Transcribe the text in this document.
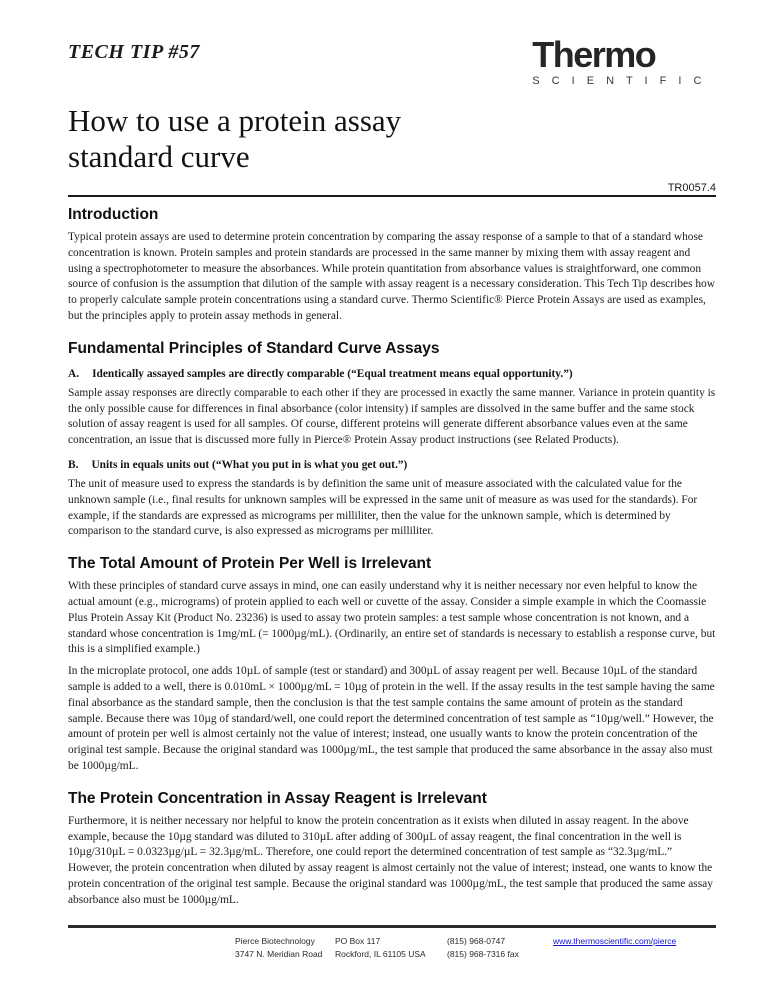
TECH TIP #57	Thermo
S C I E N T I F I C
How to use a protein assay
standard curve
TR0057.4
Introduction

Typical protein assays are used to determine protein concentration by comparing the assay response of a sample to that of a standard whose concentration is known. Protein samples and protein standards are processed in the same manner by mixing them with assay reagent and using a spectrophotometer to measure the absorbances. While protein quantitation from absorbance values is straightforward, one common source of confusion is the assumption that dilution of the sample with assay reagent is a necessary consideration. This Tech Tip describes how to properly calculate sample protein concentrations using a standard curve. Thermo Scientific® Pierce Protein Assays are used as examples, but the principles apply to protein assay methods in general.

Fundamental Principles of Standard Curve Assays
A. Identically assayed samples are directly comparable (“Equal treatment means equal opportunity.”)

Sample assay responses are directly comparable to each other if they are processed in exactly the same manner. Variance in protein quantity is the only possible cause for differences in final absorbance (color intensity) if samples are dissolved in the same buffer and the same stock solution of assay reagent is used for all samples. Of course, different proteins will generate different absorbance values even at the same concentration, an issue that is discussed more fully in Pierce® Protein Assay product instructions (see Related Products).

B. Units in equals units out (“What you put in is what you get out.”)

The unit of measure used to express the standards is by definition the same unit of measure associated with the calculated value for the unknown sample (i.e., final results for unknown samples will be expressed in the same unit of measure as was used for the standards). For example, if the standards are expressed as micrograms per milliliter, then the value for the unknown sample, which is determined by comparison to the standard curve, is also expressed as micrograms per milliliter.

The Total Amount of Protein Per Well is Irrelevant

With these principles of standard curve assays in mind, one can easily understand why it is neither necessary nor even helpful to know the actual amount (e.g., micrograms) of protein applied to each well or cuvette of the assay. Consider a simple example in which the Coomassie Plus Protein Assay Kit (Product No. 23236) is used to assay two protein samples: a test sample whose concentration is not known, and a standard whose concentration is 1mg/mL (= 1000µg/mL). (Ordinarily, an entire set of standards is necessary to establish a response curve, but this is a simplified example.)

In the microplate protocol, one adds 10µL of sample (test or standard) and 300µL of assay reagent per well. Because 10µL of the standard sample is added to a well, there is 0.010mL × 1000µg/mL = 10µg of protein in the well. If the assay results in the test sample having the same final absorbance as the standard sample, then the conclusion is that the test sample contains the same amount of protein as the standard sample. Because there was 10µg of standard/well, one could report the determined concentration of test sample as “10µg/well.” However, the amount of protein per well is almost certainly not the value of interest; instead, one usually wants to know the protein concentration of the original test sample. Because the original standard was 1000µg/mL, the test sample that produced the same absorbance in the assay also must be 1000µg/mL.

The Protein Concentration in Assay Reagent is Irrelevant

Furthermore, it is neither necessary nor helpful to know the protein concentration as it exists when diluted in assay reagent. In the above example, because the 10µg standard was diluted to 310µL after adding of 300µL of assay reagent, the final concentration in the well is 10µg/310µL = 0.0323µg/µL = 32.3µg/mL. Therefore, one could report the determined concentration of test sample as “32.3µg/mL.” However, the protein concentration when diluted by assay reagent is almost certainly not the value of interest; instead, one wants to know the protein concentration of the original test sample. Because the original standard was 1000µg/mL, the test sample that produced the same assay absorbance also must be 1000µg/mL.

Pierce Biotechnology
3747 N. Meridian Road
PO Box 117
Rockford, IL 61105 USA
(815) 968-0747
(815) 968-7316 fax
www.thermoscientific.com/pierce
